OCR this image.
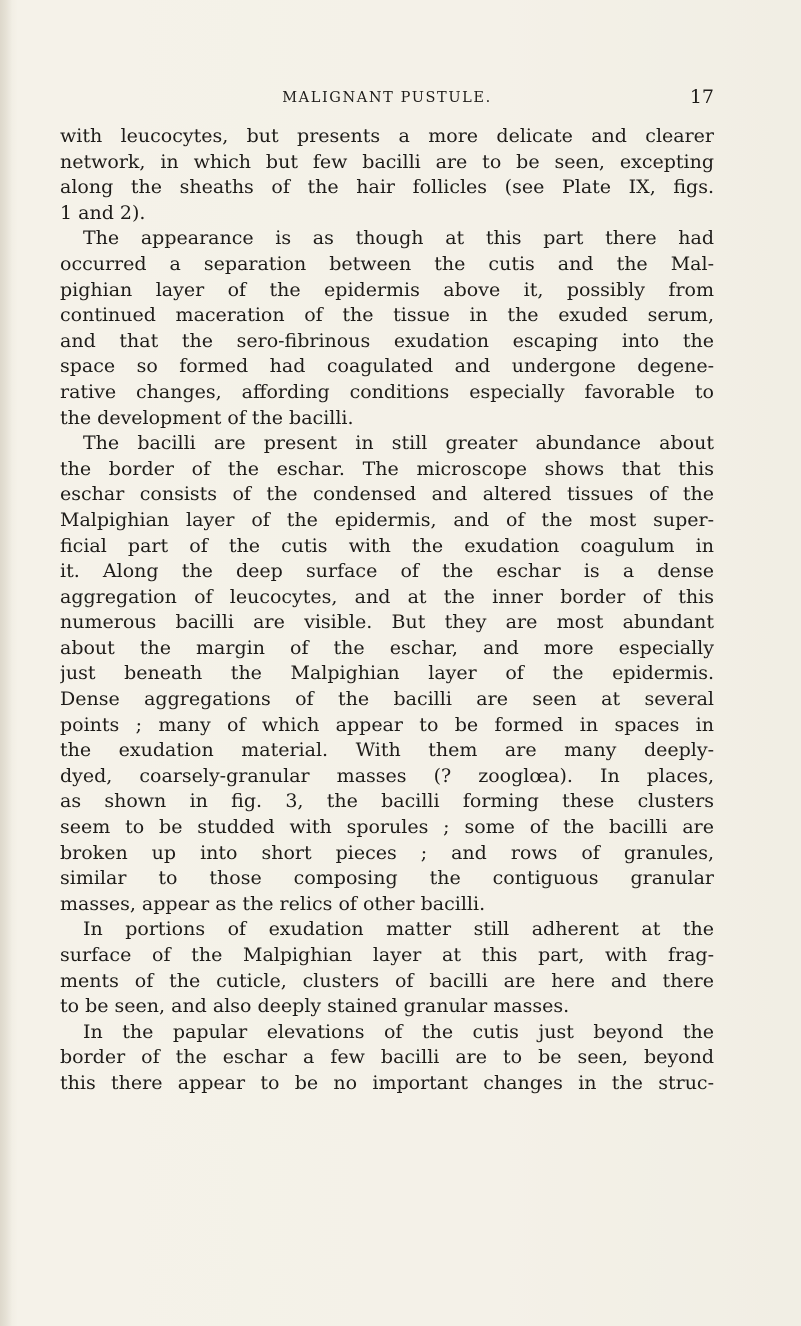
MALIGNANT PUSTULE.	17
with leucocytes, but presents a more delicate and clearer
network, in which but few bacilli are to be seen, excepting
along the sheaths of the hair follicles (see Plate IX, figs.
1 and 2).
The appearance is as though at this part there had
occurred a separation between the cutis and the Mal-
pighian layer of the epidermis above it, possibly from
continued maceration of the tissue in the exuded serum,
and that the sero-fibrinous exudation escaping into the
space so formed had coagulated and undergone degene-
rative changes, affording conditions especially favorable to
the development of the bacilli.
The bacilli are present in still greater abundance about
the border of the eschar. The microscope shows that this
eschar consists of the condensed and altered tissues of the
Malpighian layer of the epidermis, and of the most super-
ficial part of the cutis with the exudation coagulum in
it. Along the deep surface of the eschar is a dense
aggregation of leucocytes, and at the inner border of this
numerous bacilli are visible. But they are most abundant
about the margin of the eschar, and more especially
just beneath the Malpighian layer of the epidermis.
Dense aggregations of the bacilli are seen at several
points ; many of which appear to be formed in spaces in
the exudation material. With them are many deeply-
dyed, coarsely-granular masses (? zooglœa). In places,
as shown in fig. 3, the bacilli forming these clusters
seem to be studded with sporules ; some of the bacilli are
broken up into short pieces ; and rows of granules,
similar to those composing the contiguous granular
masses, appear as the relics of other bacilli.
In portions of exudation matter still adherent at the
surface of the Malpighian layer at this part, with frag-
ments of the cuticle, clusters of bacilli are here and there
to be seen, and also deeply stained granular masses.
In the papular elevations of the cutis just beyond the
border of the eschar a few bacilli are to be seen, beyond
this there appear to be no important changes in the struc-
